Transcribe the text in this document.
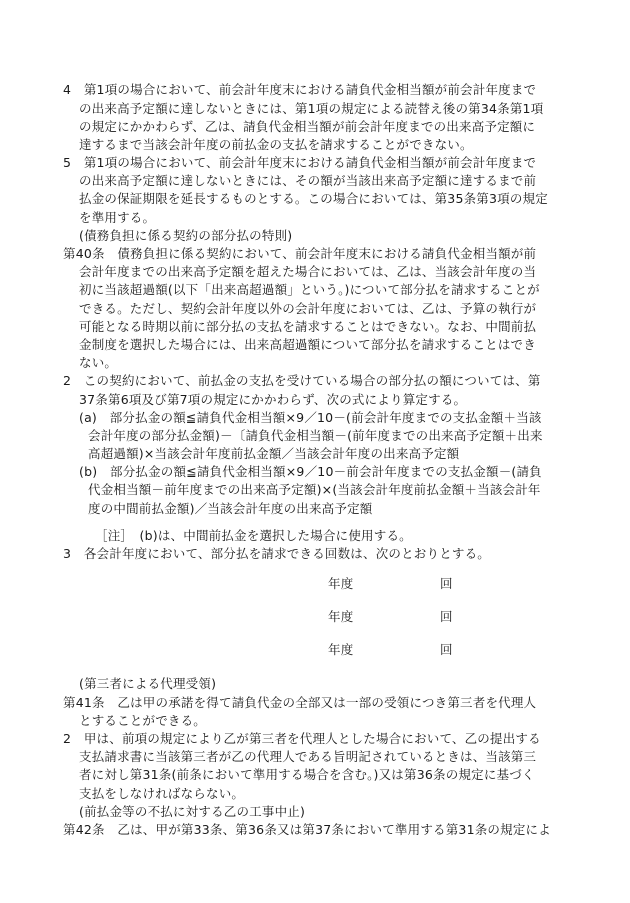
4　第1項の場合において、前会計年度末における請負代金相当額が前会計年度まで
の出来高予定額に達しないときには、第1項の規定による読替え後の第34条第1項
の規定にかかわらず、乙は、請負代金相当額が前会計年度までの出来高予定額に
達するまで当該会計年度の前払金の支払を請求することができない。
5　第1項の場合において、前会計年度末における請負代金相当額が前会計年度まで
の出来高予定額に達しないときには、その額が当該出来高予定額に達するまで前
払金の保証期限を延長するものとする。この場合においては、第35条第3項の規定
を準用する。
(債務負担に係る契約の部分払の特則)
第40条　債務負担に係る契約において、前会計年度末における請負代金相当額が前
会計年度までの出来高予定額を超えた場合においては、乙は、当該会計年度の当
初に当該超過額(以下「出来高超過額」という。)について部分払を請求することが
できる。ただし、契約会計年度以外の会計年度においては、乙は、予算の執行が
可能となる時期以前に部分払の支払を請求することはできない。なお、中間前払
金制度を選択した場合には、出来高超過額について部分払を請求することはでき
ない。
2　この契約において、前払金の支払を受けている場合の部分払の額については、第
37条第6項及び第7項の規定にかかわらず、次の式により算定する。
(a)　部分払金の額≦請負代金相当額×9／10－(前会計年度までの支払金額＋当該
会計年度の部分払金額)－〔請負代金相当額－(前年度までの出来高予定額＋出来
高超過額)×当該会計年度前払金額／当該会計年度の出来高予定額
(b)　部分払金の額≦請負代金相当額×9／10－前会計年度までの支払金額－(請負
代金相当額－前年度までの出来高予定額)×(当該会計年度前払金額＋当該会計年
度の中間前払金額)／当該会計年度の出来高予定額
［注］　(b)は、中間前払金を選択した場合に使用する。
3　各会計年度において、部分払を請求できる回数は、次のとおりとする。
年度	回
年度	回
年度	回
(第三者による代理受領)
第41条　乙は甲の承諾を得て請負代金の全部又は一部の受領につき第三者を代理人
とすることができる。
2　甲は、前項の規定により乙が第三者を代理人とした場合において、乙の提出する
支払請求書に当該第三者が乙の代理人である旨明記されているときは、当該第三
者に対し第31条(前条において準用する場合を含む。)又は第36条の規定に基づく
支払をしなければならない。
(前払金等の不払に対する乙の工事中止)
第42条　乙は、甲が第33条、第36条又は第37条において準用する第31条の規定によ
